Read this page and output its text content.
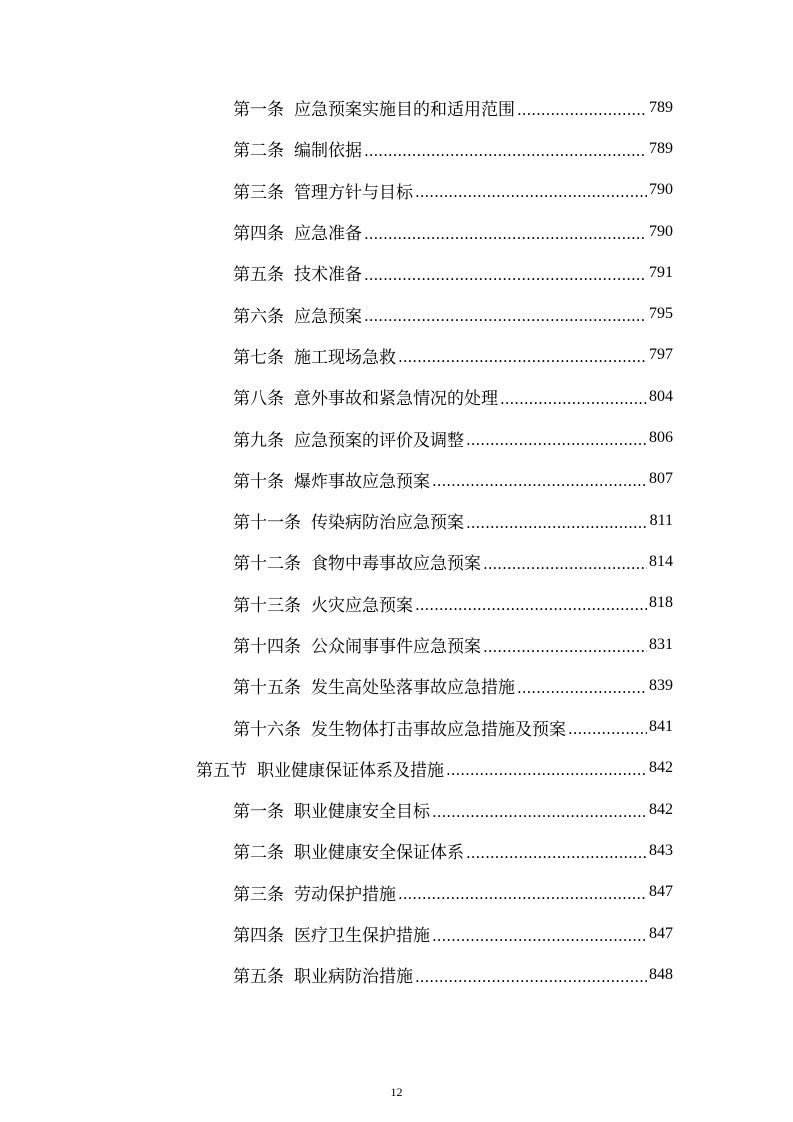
第一条 应急预案实施目的和适用范围 .....	789
第二条 编制依据 .....	789
第三条 管理方针与目标 .....	790
第四条 应急准备 .....	790
第五条 技术准备 .....	791
第六条 应急预案 .....	795
第七条 施工现场急救 .....	797
第八条 意外事故和紧急情况的处理 .....	804
第九条 应急预案的评价及调整 .....	806
第十条 爆炸事故应急预案 .....	807
第十一条 传染病防治应急预案 .....	811
第十二条 食物中毒事故应急预案 .....	814
第十三条 火灾应急预案 .....	818
第十四条 公众闹事事件应急预案 .....	831
第十五条 发生高处坠落事故应急措施 .....	839
第十六条 发生物体打击事故应急措施及预案 .....	841
第五节 职业健康保证体系及措施 .....	842
第一条 职业健康安全目标 .....	842
第二条 职业健康安全保证体系 .....	843
第三条 劳动保护措施 .....	847
第四条 医疗卫生保护措施 .....	847
第五条 职业病防治措施 .....	848
12
